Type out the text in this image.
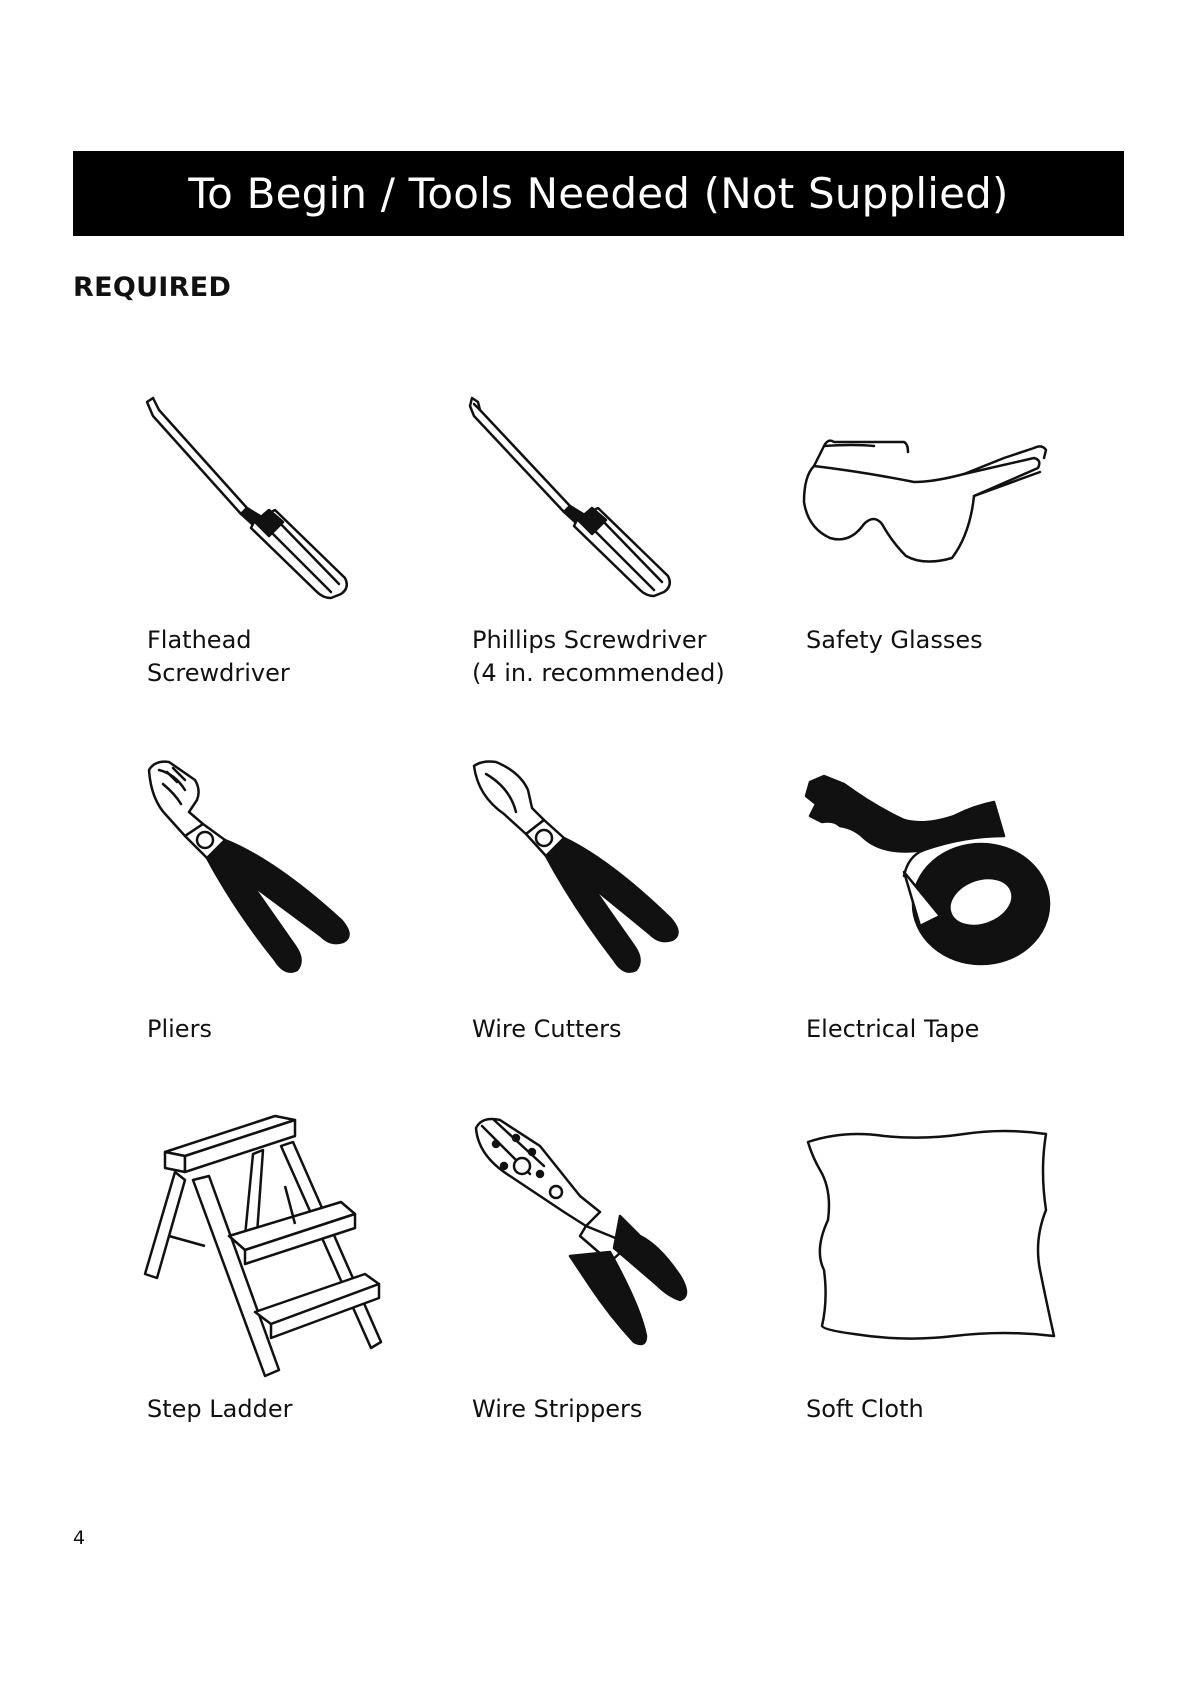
To Begin / Tools Needed (Not Supplied)
REQUIRED
Flathead
Screwdriver
Phillips Screwdriver
(4 in. recommended)
Safety Glasses
Pliers	Wire Cutters	Electrical Tape
Step Ladder	Wire Strippers	Soft Cloth
4
